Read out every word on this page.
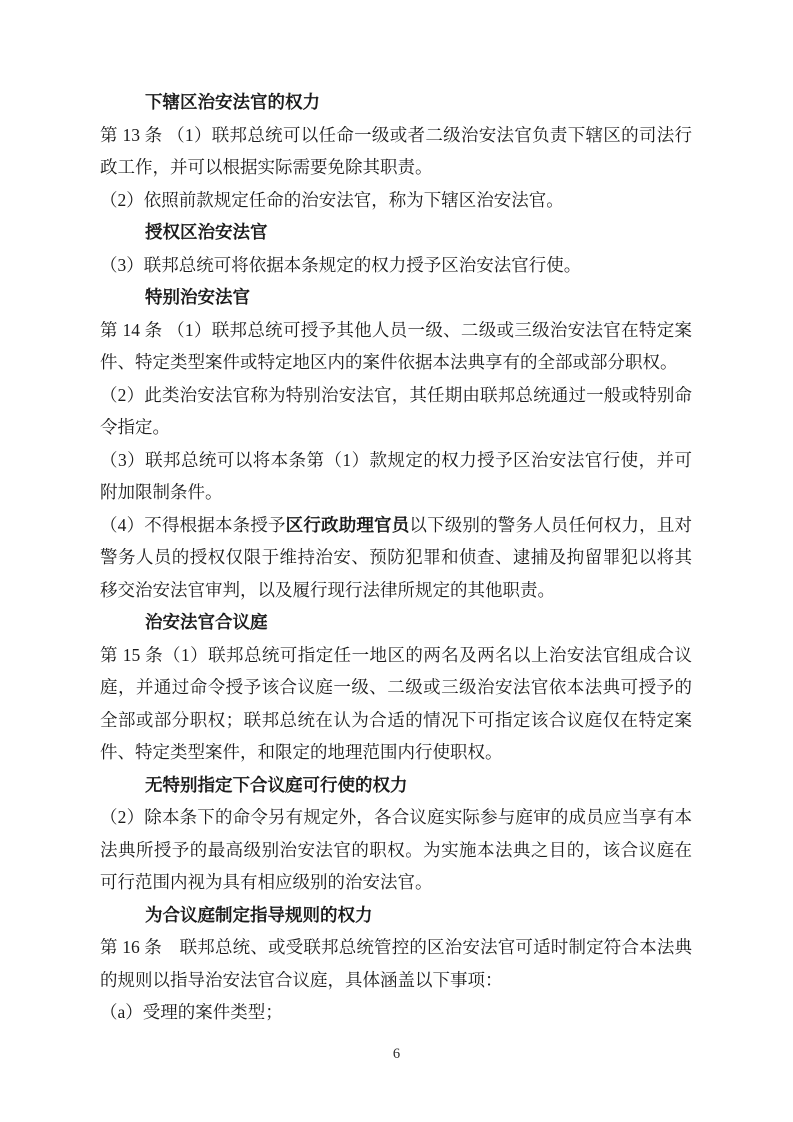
下辖区治安法官的权力
第 13 条 （1）联邦总统可以任命一级或者二级治安法官负责下辖区的司法行政工作，并可以根据实际需要免除其职责。
（2）依照前款规定任命的治安法官，称为下辖区治安法官。
授权区治安法官
（3）联邦总统可将依据本条规定的权力授予区治安法官行使。
特别治安法官
第 14 条 （1）联邦总统可授予其他人员一级、二级或三级治安法官在特定案件、特定类型案件或特定地区内的案件依据本法典享有的全部或部分职权。
（2）此类治安法官称为特别治安法官，其任期由联邦总统通过一般或特别命令指定。
（3）联邦总统可以将本条第（1）款规定的权力授予区治安法官行使，并可附加限制条件。
（4）不得根据本条授予区行政助理官员以下级别的警务人员任何权力，且对警务人员的授权仅限于维持治安、预防犯罪和侦查、逮捕及拘留罪犯以将其移交治安法官审判，以及履行现行法律所规定的其他职责。
治安法官合议庭
第 15 条（1）联邦总统可指定任一地区的两名及两名以上治安法官组成合议庭，并通过命令授予该合议庭一级、二级或三级治安法官依本法典可授予的全部或部分职权；联邦总统在认为合适的情况下可指定该合议庭仅在特定案件、特定类型案件，和限定的地理范围内行使职权。
无特别指定下合议庭可行使的权力
（2）除本条下的命令另有规定外，各合议庭实际参与庭审的成员应当享有本法典所授予的最高级别治安法官的职权。为实施本法典之目的，该合议庭在可行范围内视为具有相应级别的治安法官。
为合议庭制定指导规则的权力
第 16 条　联邦总统、或受联邦总统管控的区治安法官可适时制定符合本法典的规则以指导治安法官合议庭，具体涵盖以下事项：
（a）受理的案件类型；
6
